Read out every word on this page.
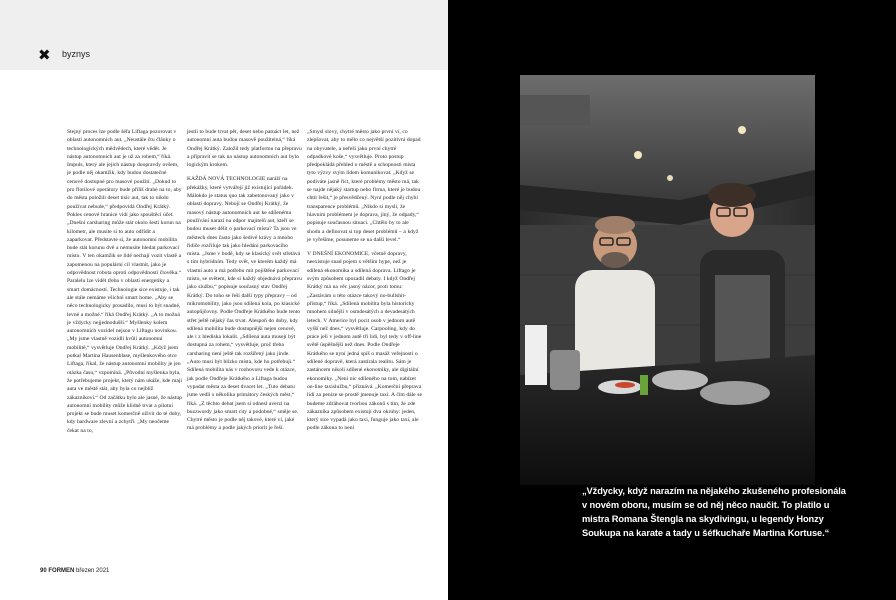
✖ byznys

Stejný proces lze podle šéfa Liftaga pozorovat v oblasti autonomních aut. „Neustále čtu články o technologických mědvědech, které vědět. Je nástup autonomních aut je už za rohem,“ říká. Impuls, který ale jejich nástup doopravdy ovšem, je podle něj okamžik, kdy budou dostatečné cenově dostupné pro masové použití. „Dokud to pro flotilové operátory bude příliš drahé na to, aby do města položili deset tisíc aut, tak to nikdo používat nebude,“ předpovídá Ondřej Krátký. Pokles cenové hranice vidí jako spouštěcí účet. „Dnešní carsharing může stát okolo šesti korun na kilometr, ale musíte si to auto odřídit a zaparkovat. Představte si, že autonomní mobilita bude stát korunu dvě a nemusíte hledat parkovací místo. V ten okamžik se lidé nechají vozit vlastě a zapomenou na populární cíl vlastnit, jako je odpovědnost robota oproti odpovědnosti člověka.“ Paralelu lze vidět třeba v oblasti energetiky a smart domácností. Technologie sice existuje, i tak ale stále nemáme všichni smart home. „Aby se něco technologicky prosadilo, musí to být snadné, levné a možné.“ říká Ondřej Krátký. „A to možná je vždycky nejjednodušší.“ Myšlenky kolem autonomních vozidel nejsou v Liftagu novinkou. „My jsme vlastně vozidli kvůli autonomní mobilitě,“ vysvětluje Ondřej Krátký. „Když jsem potkal Martina Hausenblase, myšlenkového otce Liftaga, říkal, že nástup autonomní mobility je jen otázka času,“ vzpomíná. „Původní myšlenka byla, že potřebujeme projekt, který nám ukáže, kde mají auta ve městě stát, aby byla co nejblíž zákazníkovi.“ Od začátku bylo ale jasné, že nástup autonomní mobility může klidně trvat a pilotní projekt se bude muset komerčně uživit do té doby, kdy hardware zlevní a zchytří. „My neočeme čekat na to,

jestli to bude trvat pět, deset nebo patnáct let, než autonomní auta budou masově použitelná,“ říká Ondřej Krátký. Založil tedy platformu na přepravu a připravit se tak na nástup autonomních aut bylo logickým krokem.

KAŽDÁ NOVÁ TECHNOLOGIE naráží na překážky, které vytvářejí již existující pořádek. Málokdo je status quo tak zabetonovaný jako v oblasti dopravy. Nebojí se Ondřej Krátký, že masový nástup autonomních aut ke sdílenému používání narazí na odpor majitelů aut, kteří se budou muset dělit o parkovací místa? Ta jsou ve městech dnes často jako šedivé krávy a mnoho řidiče rozčiluje tak jako hledání parkovacího místa. „Jsme v bodě, kdy se klasický svět střetává s tím hybridním. Tedy svět, ve kterém každý má vlastní auto a má potřebu mít pojištěné parkovací místo, se světem, kde si každý objednává přepravu jako službu,“ popisuje současný stav Ondřej Krátký. Do toho se řeší další typy přepravy – od mikromobility, jako jsou sdílená kola, po klasické autopůjčovny. Podle Ondřeje Krátkého bude tento střet ještě nějaký čas trvat. Alespoň do doby, kdy sdílená mobilita bude dostupnější nejen cenově, ale i z hlediska lokalit. „Sdílená auta musejí být dostupná za rohem,“ vysvětluje, proč třeba carsharing není ještě tak rozšířený jako jinde. „Auto musí být blízko místa, kde ho potřebuji.“ Sdílená mobilita nás v rozhovoru vede k otázce, jak podle Ondřeje Krátkého a Liftaga budou vypadat města za deset dvacet let. „Tuto debatu jsme vedli s několika primátory českých měst,“ říká. „Z těchto debat jsem si odnesl averzi na buzzwordy jako smart city a podobné,“ směje se. Chytré město je podle něj takové, které ví, jaké má problémy a podle jakých priorit je řeší.

„Smysl slovy, chytré město jako první ví, co zlepšovat, aby to mělo co největší pozitivní dopad na obyvatele, a neřeší jako první chytré odpadkové koše,“ vysvětluje. Proto postup předpokládá přehled o městě a schopnosti místa tyto výzvy svým lidem komunikovat. „Když se podíváte jasně říct, které problémy město má, tak se najde nějaký startup nebo firma, které je budou chtít řešit,“ je přesvědčený. Nyní podle něj chybí transparence problémů. „Nikdo si myslí, že hlavním problémem je doprava, jiný, že odpady,“ popisuje současnou situaci. „Chtělo by to ale shodu a definovat si top deset problémů – a když je vyřešíme, posuneme se na další level.“

V DNEŠNÍ EKONOMICE, včetně dopravy, neexistuje snad pojem s větším hype, než je sdílená ekonomika a sdílená doprava. Liftago je svým způsobem upozadil debaty. I když Ondřej Krátký má na věc jasný názor, proti tomu: „Zastávám u této otázce takový no-bullshit-přístup,“ říká. „Sdílená mobilita byla historicky mnohem silnější v osmdesátých a devadesátých letech. V Americe byl pocit osob v jednom autě vyšší než dnes,“ vysvětluje. Carpooling, kdy do práce jeli v jednom autě tři lidi, byl tedy v off-line světě úspěšnější než dnes. Podle Ondřeje Krátkého se nyní jedná spíš o masáž veřejnosti o sdílené dopravě, která zastírala realitu. Sám je zastáncem nikoli sdílené ekonomiky, ale digitální ekonomiky. „Není nic sdíleného na tom, nabízet on-line taxislužbu,“ přiznává. „Komerční přeprava lidí za peníze se prostě jmenuje taxi. A čím dále se budeme zdráhovat tvorbou zákonů s tím, že zde zákazníka způsobem existují dva okruhy: jeden, který sice vypadá jako taxi, funguje jako taxi, ale podle zákona to není

90 FORMEN březen 2021
„Vždycky, když narazím na nějakého zkušeného profesionála v novém oboru, musím se od něj něco naučit. To platilo u mistra Romana Štengla na skydivingu, u legendy Honzy Soukupa na karate a tady u šéfkuchaře Martina Kortuse.“
